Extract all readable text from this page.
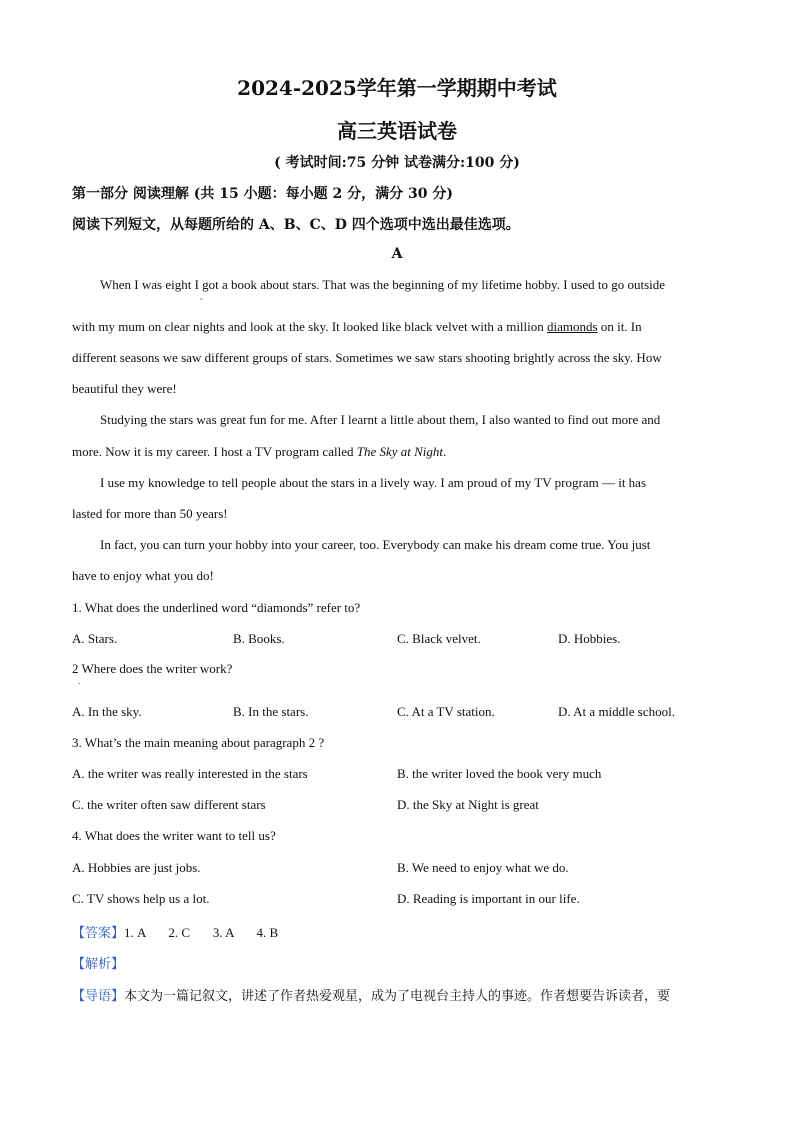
2024-2025学年第一学期期中考试
高三英语试卷
( 考试时间:75 分钟 试卷满分:100 分)
第一部分 阅读理解 (共 15 小题：每小题 2 分，满分 30 分)
阅读下列短文，从每题所给的 A、B、C、D 四个选项中选出最佳选项。
A
When I was eight I got a book about stars. That was the beginning of my lifetime hobby. I used to go outside
,
with my mum on clear nights and look at the sky. It looked like black velvet with a million diamonds on it. In
different seasons we saw different groups of stars. Sometimes we saw stars shooting brightly across the sky. How
beautiful they were!
Studying the stars was great fun for me. After I learnt a little about them, I also wanted to find out more and
more. Now it is my career. I host a TV program called The Sky at Night.
I use my knowledge to tell people about the stars in a lively way. I am proud of my TV program — it has
lasted for more than 50 years!
In fact, you can turn your hobby into your career, too. Everybody can make his dream come true. You just
have to enjoy what you do!
1. What does the underlined word “diamonds” refer to?
A. Stars.	B. Books.	C. Black velvet.	D. Hobbies.
2 Where does the writer work?
.
A. In the sky.	B. In the stars.	C. At a TV station.	D. At a middle school.
3. What’s the main meaning about paragraph 2 ?
A. the writer was really interested in the stars	B. the writer loved the book very much
C. the writer often saw different stars	D. the Sky at Night is great
4. What does the writer want to tell us?
A. Hobbies are just jobs.	B. We need to enjoy what we do.
C. TV shows help us a lot.	D. Reading is important in our life.
【答案】1. A       2. C       3. A       4. B
【解析】
【导语】本文为一篇记叙文，讲述了作者热爱观星，成为了电视台主持人的事迹。作者想要告诉读者，要
